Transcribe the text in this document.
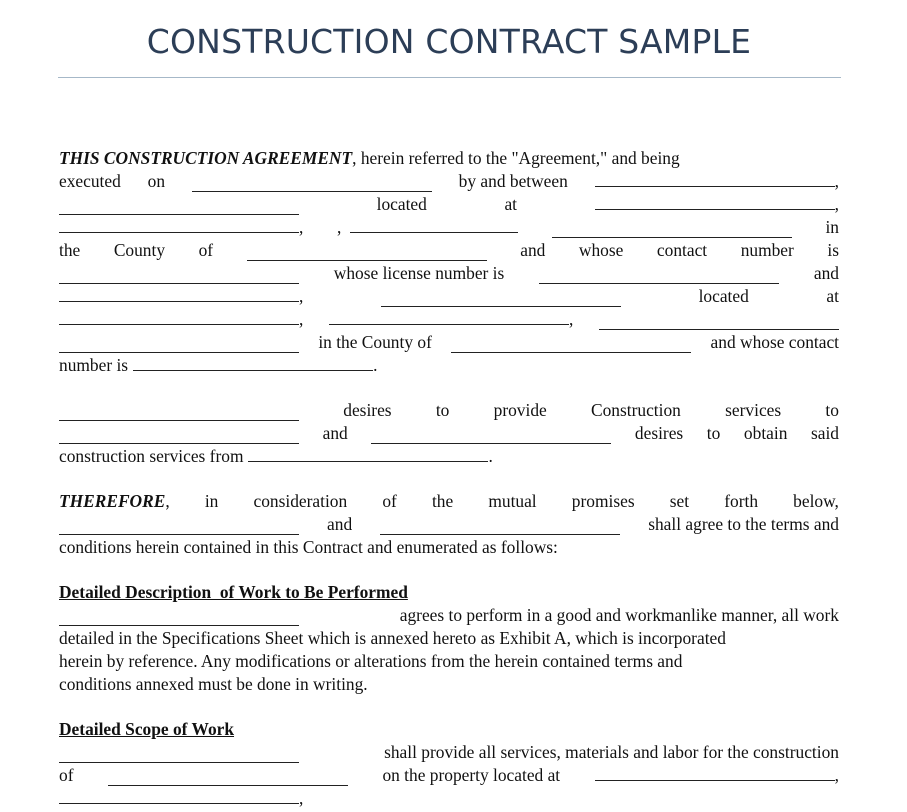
CONSTRUCTION CONTRACT SAMPLE
THIS CONSTRUCTION AGREEMENT, herein referred to the "Agreement," and being
executed on	by and between	,
located	at	,
, ,	in
the County of	and whose contact number is
whose license number is	and
,	located	at
,	,
in the County of	and whose contact
number is	.
desires	to	provide	Construction	services	to
and	desires to obtain said
construction services from	.
THEREFORE, in consideration of the mutual promises set forth below,
and	shall agree to the terms and
conditions herein contained in this Contract and enumerated as follows:
Detailed Description  of Work to Be Performed
agrees to perform in a good and workmanlike manner, all work
detailed in the Specifications Sheet which is annexed hereto as Exhibit A, which is incorporated
herein by reference. Any modifications or alterations from the herein contained terms and
conditions annexed must be done in writing.
Detailed Scope of Work
shall provide all services, materials and labor for the construction
of	on the property located at	,
,
